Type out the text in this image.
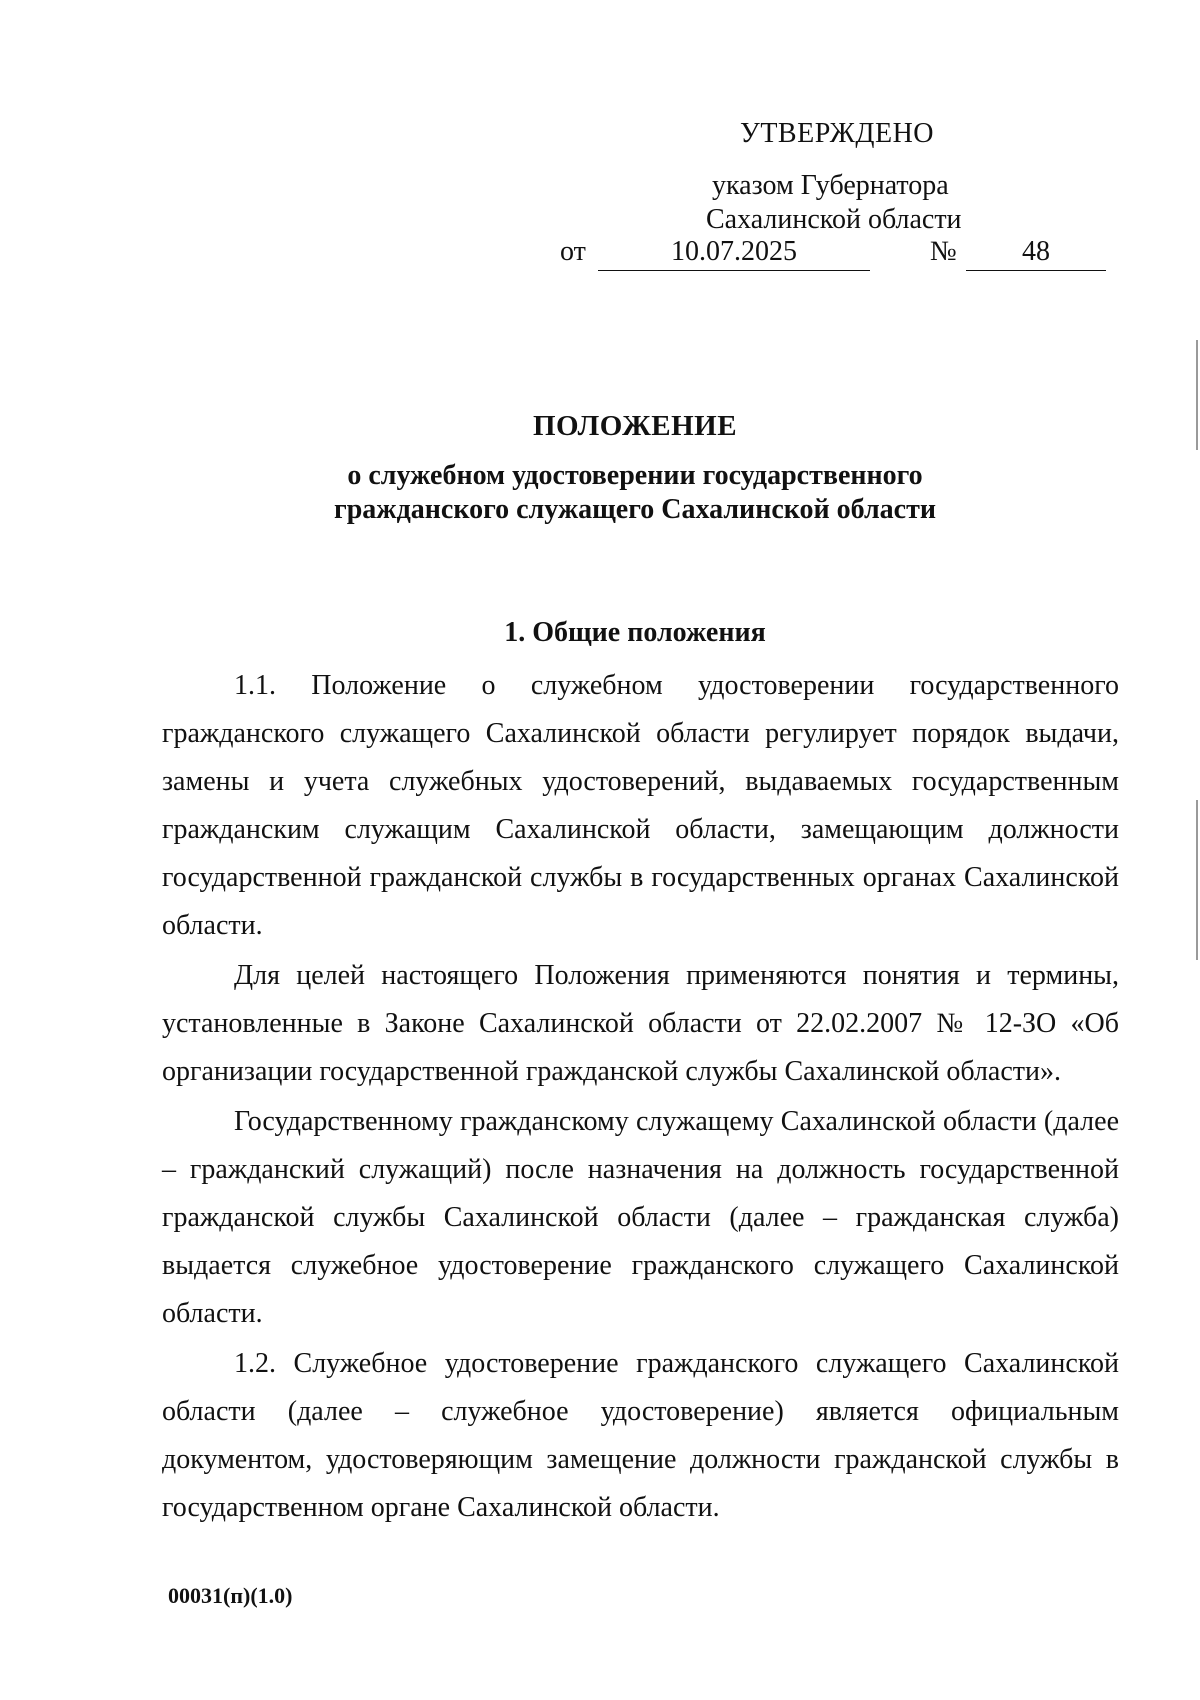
УТВЕРЖДЕНО
указом Губернатора
Сахалинской области
от	10.07.2025	№	48
ПОЛОЖЕНИЕ
о служебном удостоверении государственного
гражданского служащего Сахалинской области
1. Общие положения

1.1. Положение о служебном удостоверении государственного гражданского служащего Сахалинской области регулирует порядок выдачи, замены и учета служебных удостоверений, выдаваемых государственным гражданским служащим Сахалинской области, замещающим должности государственной гражданской службы в государственных органах Сахалинской области.

Для целей настоящего Положения применяются понятия и термины, установленные в Законе Сахалинской области от 22.02.2007 № 12-ЗО «Об организации государственной гражданской службы Сахалинской области».

Государственному гражданскому служащему Сахалинской области (далее – гражданский служащий) после назначения на должность государственной гражданской службы Сахалинской области (далее – гражданская служба) выдается служебное удостоверение гражданского служащего Сахалинской области.

1.2. Служебное удостоверение гражданского служащего Сахалинской области (далее – служебное удостоверение) является официальным документом, удостоверяющим замещение должности гражданской службы в государственном органе Сахалинской области.

00031(п)(1.0)
